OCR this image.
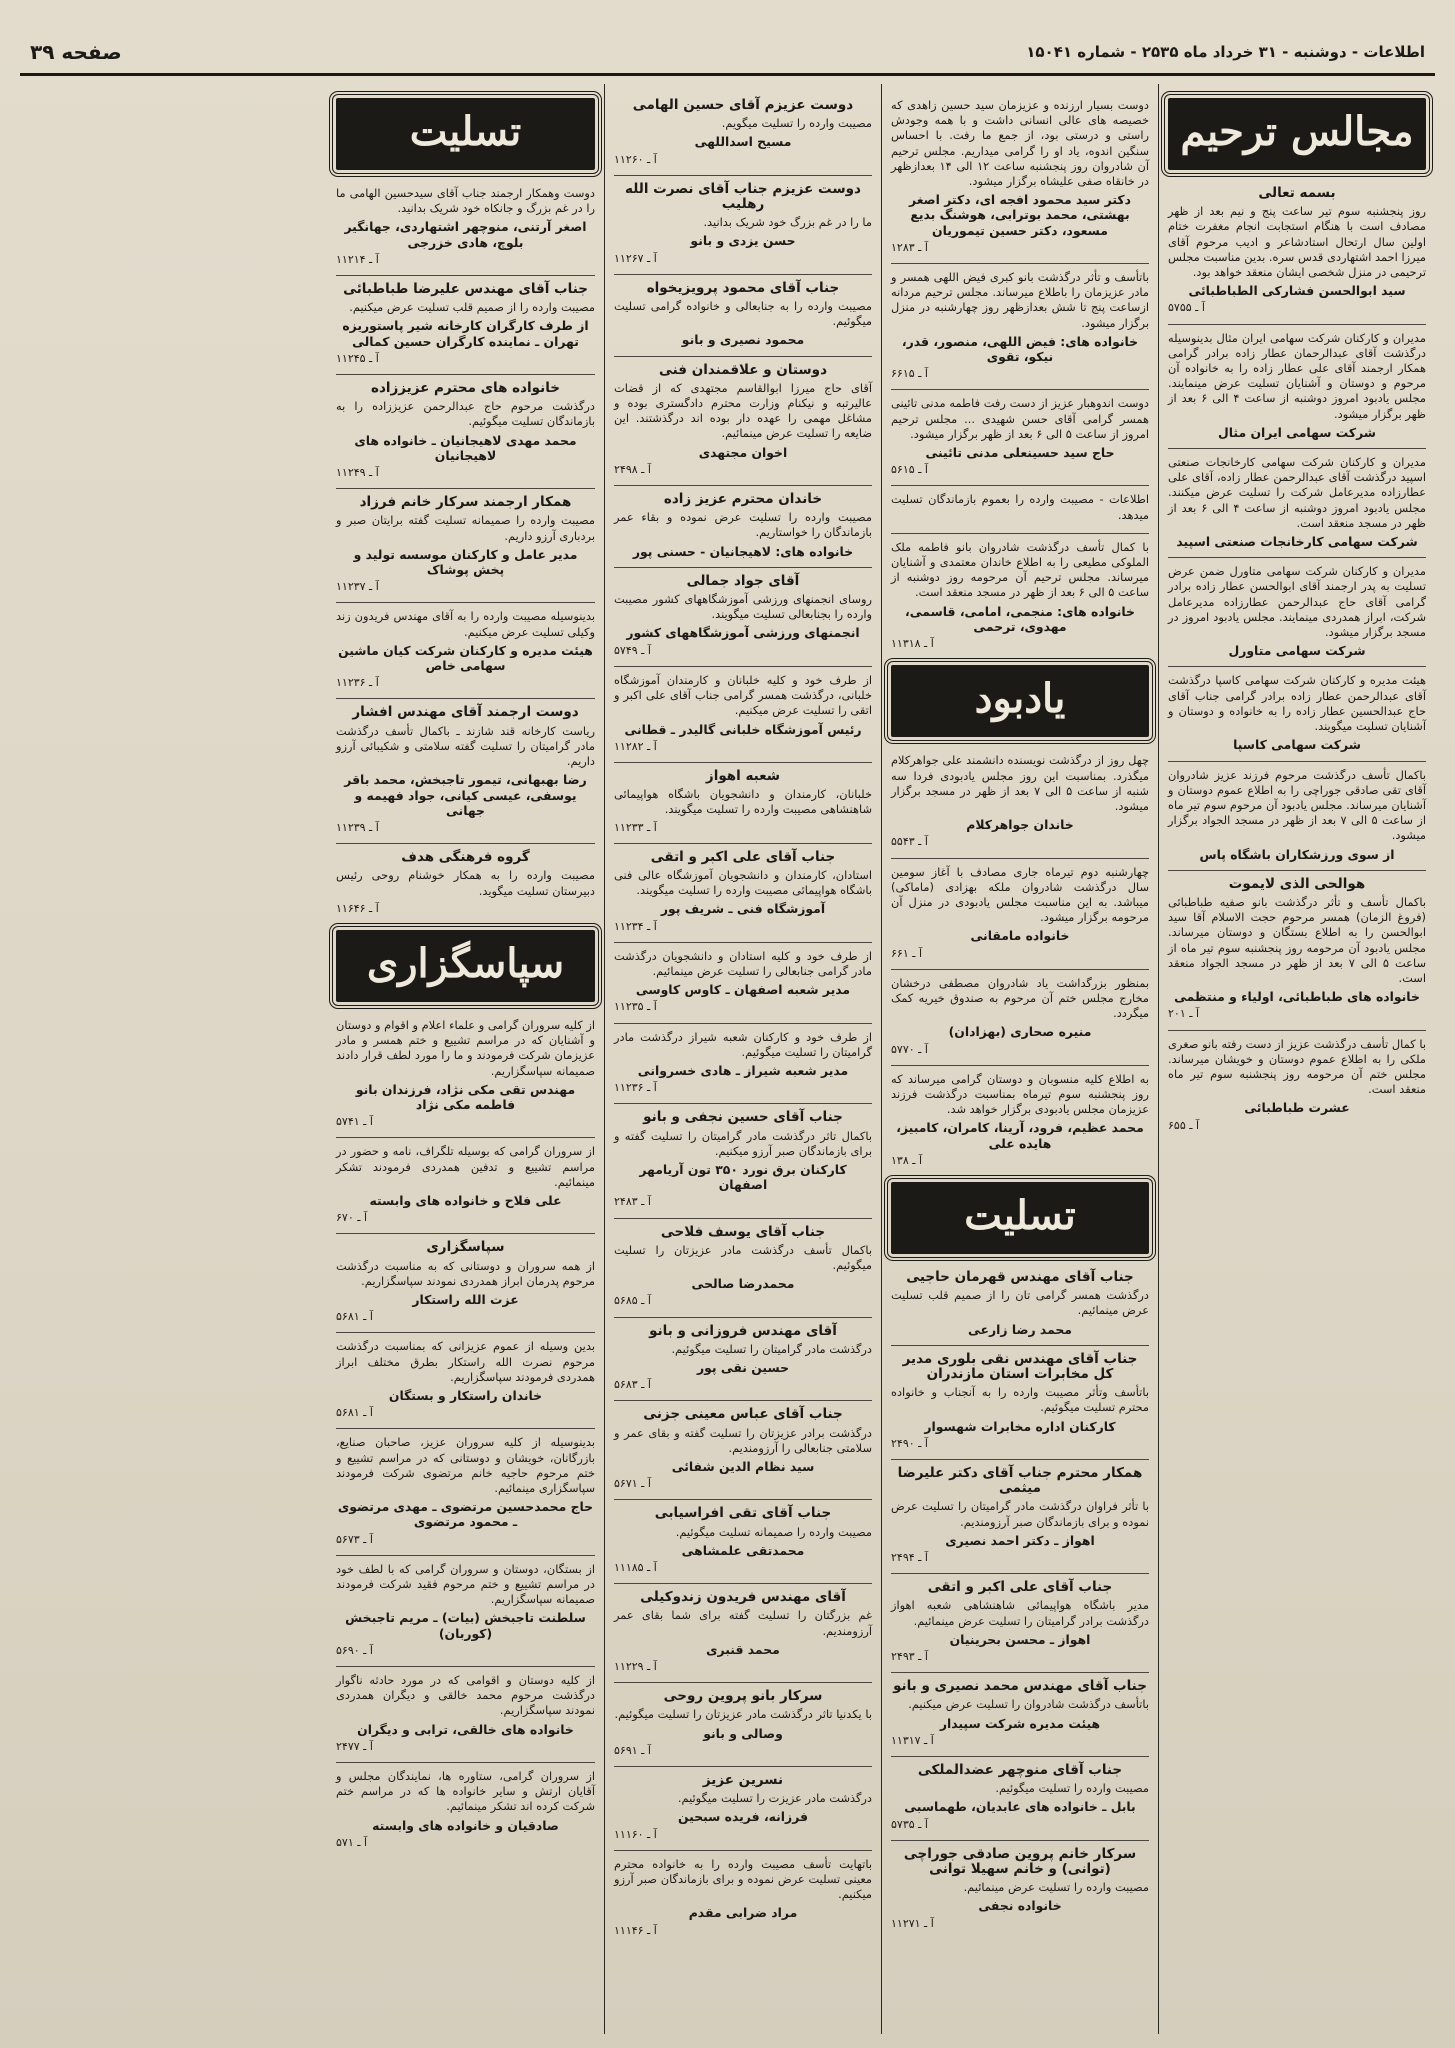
اطلاعات - دوشنبه - ۳۱ خرداد ماه ۲۵۳۵ - شماره ۱۵۰۴۱
صفحه ۳۹
مجالس ترحیم
بسمه تعالی

روز پنجشنبه سوم تیر ساعت پنج و نیم بعد از ظهر مصادف است با هنگام استجابت انجام مغفرت ختام اولین سال ارتحال استادشاعر و ادیب مرحوم آقای میرزا احمد اشتهاردی قدس سره. بدین مناسبت مجلس ترحیمی در منزل شخصی ایشان منعقد خواهد بود.

سید ابوالحسن فشارکی الطباطبائی
آ ـ ۵۷۵۵

مدیران و کارکنان شرکت سهامی ایران مثال بدینوسیله درگذشت آقای عبدالرحمان عطار زاده برادر گرامی همکار ارجمند آقای علی عطار زاده را به خانواده آن مرحوم و دوستان و آشنایان تسلیت عرض مینمایند. مجلس یادبود امروز دوشنبه از ساعت ۴ الی ۶ بعد از ظهر برگزار میشود.

شرکت سهامی ایران مثال

مدیران و کارکنان شرکت سهامی کارخانجات صنعتی اسپید درگذشت آقای عبدالرحمن عطار زاده، آقای علی عطارزاده مدیرعامل شرکت را تسلیت عرض میکنند. مجلس یادبود امروز دوشنبه از ساعت ۴ الی ۶ بعد از ظهر در مسجد منعقد است.

شرکت سهامی کارخانجات صنعتی اسپید

مدیران و کارکنان شرکت سهامی متاورل ضمن عرض تسلیت به پدر ارجمند آقای ابوالحسن عطار زاده برادر گرامی آقای حاج عبدالرحمن عطارزاده مدیرعامل شرکت، ابراز همدردی مینمایند. مجلس یادبود امروز در مسجد برگزار میشود.

شرکت سهامی متاورل

هیئت مدیره و کارکنان شرکت سهامی کاسپا درگذشت آقای عبدالرحمن عطار زاده برادر گرامی جناب آقای حاج عبدالحسین عطار زاده را به خانواده و دوستان و آشنایان تسلیت میگویند.

شرکت سهامی کاسپا

باکمال تأسف درگذشت مرحوم فرزند عزیز شادروان آقای تقی صادقی جوراچی را به اطلاع عموم دوستان و آشنایان میرساند. مجلس یادبود آن مرحوم سوم تیر ماه از ساعت ۵ الی ۷ بعد از ظهر در مسجد الجواد برگزار میشود.

از سوی ورزشکاران باشگاه پاس
هوالحی الذی لایموت

باکمال تأسف و تأثر درگذشت بانو صفیه طباطبائی (فروغ الزمان) همسر مرحوم حجت الاسلام آقا سید ابوالحسن را به اطلاع بستگان و دوستان میرساند. مجلس یادبود آن مرحومه روز پنجشنبه سوم تیر ماه از ساعت ۵ الی ۷ بعد از ظهر در مسجد الجواد منعقد است.

خانواده های طباطبائی، اولیاء و منتظمی
آ ـ ۲۰۱

با کمال تأسف درگذشت عزیز از دست رفته بانو صغری ملکی را به اطلاع عموم دوستان و خویشان میرساند. مجلس ختم آن مرحومه روز پنجشنبه سوم تیر ماه منعقد است.

عشرت طباطبائی
آ ـ ۶۵۵

دوست بسیار ارزنده و عزیزمان سید حسین زاهدی که خصیصه های عالی انسانی داشت و با همه وجودش راستی و درستی بود، از جمع ما رفت. با احساس سنگین اندوه، یاد او را گرامی میداریم. مجلس ترحیم آن شادروان روز پنجشنبه ساعت ۱۲ الی ۱۴ بعدازظهر در خانقاه صفی علیشاه برگزار میشود.

دکتر سید محمود افجه ای، دکتر اصغر بهشتی، محمد بوترابی، هوشنگ بدیع مسعود، دکتر حسین تیموریان
آ ـ ۱۲۸۳

باتأسف و تأثر درگذشت بانو کبری فیض اللهی همسر و مادر عزیزمان را باطلاع میرساند. مجلس ترحیم مردانه ازساعت پنج تا شش بعدازظهر روز چهارشنبه در منزل برگزار میشود.

خانواده های: فیض اللهی، منصور، قدر، نیکو، تقوی
آ ـ ۶۶۱۵

دوست اندوهبار عزیز از دست رفت فاطمه مدنی تائینی همسر گرامی آقای حسن شهیدی ... مجلس ترحیم امروز از ساعت ۵ الی ۶ بعد از ظهر برگزار میشود.

حاج سید حسینعلی مدنی تائینی
آ ـ ۵۶۱۵

اطلاعات - مصیبت وارده را بعموم بازماندگان تسلیت میدهد.

با کمال تأسف درگذشت شادروان بانو فاطمه ملک الملوکی مطیعی را به اطلاع خاندان معتمدی و آشنایان میرساند. مجلس ترحیم آن مرحومه روز دوشنبه از ساعت ۵ الی ۶ بعد از ظهر در مسجد منعقد است.

خانواده های: منجمی، امامی، قاسمی، مهدوی، ترحمی
آ ـ ۱۱۳۱۸
یادبود

چهل روز از درگذشت نویسنده دانشمند علی جواهرکلام میگذرد. بمناسبت این روز مجلس یادبودی فردا سه شنبه از ساعت ۵ الی ۷ بعد از ظهر در مسجد برگزار میشود.

خاندان جواهرکلام
آ ـ ۵۵۴۳

چهارشنبه دوم تیرماه جاری مصادف با آغاز سومین سال درگذشت شادروان ملکه بهزادی (ماماکی) میباشد. به این مناسبت مجلس یادبودی در منزل آن مرحومه برگزار میشود.

خانواده مامقانی
آ ـ ۶۶۱

بمنظور بزرگداشت یاد شادروان مصطفی درخشان مخارج مجلس ختم آن مرحوم به صندوق خیریه کمک میگردد.

منیره صحاری (بهزادان)
آ ـ ۵۷۷۰

به اطلاع کلیه منسوبان و دوستان گرامی میرساند که روز پنجشنبه سوم تیرماه بمناسبت درگذشت فرزند عزیزمان مجلس یادبودی برگزار خواهد شد.

محمد عظیم، فرود، آرینا، کامران، کامبیز، هایده علی
آ ـ ۱۳۸
تسلیت
جناب آقای مهندس قهرمان حاجیی

درگذشت همسر گرامی تان را از صمیم قلب تسلیت عرض مینمائیم.

محمد رضا زارعی
جناب آقای مهندس نقی بلوری مدیر کل مخابرات استان مازندران

باتأسف وتأثر مصیبت وارده را به آنجناب و خانواده محترم تسلیت میگوئیم.

کارکنان اداره مخابرات شهسوار
آ ـ ۲۴۹۰
همکار محترم جناب آقای دکتر علیرضا میثمی

با تأثر فراوان درگذشت مادر گرامیتان را تسلیت عرض نموده و برای بازماندگان صبر آرزومندیم.

اهواز ـ دکتر احمد نصیری
آ ـ ۲۴۹۴
جناب آقای علی اکبر و اتقی

مدیر باشگاه هواپیمائی شاهنشاهی شعبه اهواز درگذشت برادر گرامیتان را تسلیت عرض مینمائیم.

اهواز ـ محسن بحرینیان
آ ـ ۲۴۹۳
جناب آقای مهندس محمد نصیری و بانو

باتأسف درگذشت شادروان را تسلیت عرض میکنیم.

هیئت مدیره شرکت سپیدار
آ ـ ۱۱۳۱۷
جناب آقای منوچهر عضدالملکی

مصیبت وارده را تسلیت میگوئیم.

بابل ـ خانواده های عابدیان، طهماسبی
آ ـ ۵۷۳۵
سرکار خانم پروین صادقی جوراچی (توانی) و خانم سهیلا توانی

مصیبت وارده را تسلیت عرض مینمائیم.

خانواده نجفی
آ ـ ۱۱۲۷۱
دوست عزیزم آقای حسین الهامی

مصیبت وارده را تسلیت میگویم.

مسیح اسداللهی
آ ـ ۱۱۲۶۰
دوست عزیزم جناب آقای نصرت الله رهلیب

ما را در غم بزرگ خود شریک بدانید.

حسن یزدی و بانو
آ ـ ۱۱۲۶۷
جناب آقای محمود پرویزیخواه

مصیبت وارده را به جنابعالی و خانواده گرامی تسلیت میگوئیم.

محمود نصیری و بانو
دوستان و علاقمندان فنی

آقای حاج میرزا ابوالقاسم مجتهدی که از قضات عالیرتبه و نیکنام وزارت محترم دادگستری بوده و مشاغل مهمی را عهده دار بوده اند درگذشتند. این ضایعه را تسلیت عرض مینمائیم.

اخوان مجتهدی
آ ـ ۲۴۹۸
خاندان محترم عزیز زاده

مصیبت وارده را تسلیت عرض نموده و بقاء عمر بازماندگان را خواستاریم.

خانواده های: لاهیجانیان - حسنی پور
آقای جواد جمالی

روسای انجمنهای ورزشی آموزشگاههای کشور مصیبت وارده را بجنابعالی تسلیت میگویند.

انجمنهای ورزشی آموزشگاههای کشور
آ ـ ۵۷۴۹

از طرف خود و کلیه خلبانان و کارمندان آموزشگاه خلبانی، درگذشت همسر گرامی جناب آقای علی اکبر و اتقی را تسلیت عرض میکنیم.

رئیس آموزشگاه خلبانی گالیدر ـ قطانی
آ ـ ۱۱۲۸۲
شعبه اهواز

خلبانان، کارمندان و دانشجویان باشگاه هواپیمائی شاهنشاهی مصیبت وارده را تسلیت میگویند.

آ ـ ۱۱۲۳۳
جناب آقای علی اکبر و اتقی

استادان، کارمندان و دانشجویان آموزشگاه عالی فنی باشگاه هواپیمائی مصیبت وارده را تسلیت میگویند.

آموزشگاه فنی ـ شریف پور
آ ـ ۱۱۲۳۴

از طرف خود و کلیه استادان و دانشجویان درگذشت مادر گرامی جنابعالی را تسلیت عرض مینمائیم.

مدیر شعبه اصفهان ـ کاوس کاوسی
آ ـ ۱۱۲۳۵

از طرف خود و کارکنان شعبه شیراز درگذشت مادر گرامیتان را تسلیت میگوئیم.

مدیر شعبه شیراز ـ هادی خسروانی
آ ـ ۱۱۲۳۶
جناب آقای حسین نجفی و بانو

باکمال تاثر درگذشت مادر گرامیتان را تسلیت گفته و برای بازماندگان صبر آرزو میکنیم.

کارکنان برق نورد ۳۵۰ تون آریامهر اصفهان
آ ـ ۲۴۸۳
جناب آقای یوسف فلاحی

باکمال تأسف درگذشت مادر عزیزتان را تسلیت میگوئیم.

محمدرضا صالحی
آ ـ ۵۶۸۵
آقای مهندس فروزانی و بانو

درگذشت مادر گرامیتان را تسلیت میگوئیم.

حسین نقی پور
آ ـ ۵۶۸۳
جناب آقای عباس معینی جزنی

درگذشت برادر عزیزتان را تسلیت گفته و بقای عمر و سلامتی جنابعالی را آرزومندیم.

سید نظام الدین شفائی
آ ـ ۵۶۷۱
جناب آقای تقی افراسیابی

مصیبت وارده را صمیمانه تسلیت میگوئیم.

محمدتقی علمشاهی
آ ـ ۱۱۱۸۵
آقای مهندس فریدون زندوکیلی

غم بزرگتان را تسلیت گفته برای شما بقای عمر آرزومندیم.

محمد قنبری
آ ـ ۱۱۲۲۹
سرکار بانو پروین روحی

با یکدنیا تاثر درگذشت مادر عزیزتان را تسلیت میگوئیم.

وصالی و بانو
آ ـ ۵۶۹۱
نسرین عزیز

درگذشت مادر عزیزت را تسلیت میگوئیم.

فرزانه، فریده سبحین
آ ـ ۱۱۱۶۰

باتهایت تأسف مصیبت وارده را به خانواده محترم معینی تسلیت عرض نموده و برای بازماندگان صبر آرزو میکنیم.

مراد ضرابی مقدم
آ ـ ۱۱۱۴۶
تسلیت

دوست وهمکار ارجمند جناب آقای سیدحسین الهامی ما را در غم بزرگ و جانکاه خود شریک بدانید.

اصغر آرتنی، منوچهر اشتهاردی، جهانگیر بلوچ، هادی خزرجی
آ ـ ۱۱۲۱۴
جناب آقای مهندس علیرضا طباطبائی

مصیبت وارده را از صمیم قلب تسلیت عرض میکنیم.

از طرف کارگران کارخانه شیر پاستوریزه تهران ـ نماینده کارگران حسین کمالی
آ ـ ۱۱۲۴۵
خانواده های محترم عزیززاده

درگذشت مرحوم حاج عبدالرحمن عزیززاده را به بازماندگان تسلیت میگوئیم.

محمد مهدی لاهیجانیان ـ خانواده های لاهیجانیان
آ ـ ۱۱۲۴۹
همکار ارجمند سرکار خانم فرزاد

مصیبت وارده را صمیمانه تسلیت گفته برایتان صبر و بردباری آرزو داریم.

مدیر عامل و کارکنان موسسه تولید و پخش پوشاک
آ ـ ۱۱۲۳۷

بدینوسیله مصیبت وارده را به آقای مهندس فریدون زند وکیلی تسلیت عرض میکنیم.

هیئت مدیره و کارکنان شرکت کیان ماشین سهامی خاص
آ ـ ۱۱۲۳۶
دوست ارجمند آقای مهندس افشار

ریاست کارخانه قند شازند ـ باکمال تأسف درگذشت مادر گرامیتان را تسلیت گفته سلامتی و شکیبائی آرزو داریم.

رضا بهبهانی، تیمور تاجبخش، محمد باقر یوسفی، عیسی کیانی، جواد فهیمه و جهانی
آ ـ ۱۱۲۳۹
گروه فرهنگی هدف

مصیبت وارده را به همکار خوشنام روحی رئیس دبیرستان تسلیت میگوید.

آ ـ ۱۱۶۴۶
سپاسگزاری

از کلیه سروران گرامی و علماء اعلام و اقوام و دوستان و آشنایان که در مراسم تشییع و ختم همسر و مادر عزیزمان شرکت فرمودند و ما را مورد لطف قرار دادند صمیمانه سپاسگزاریم.

مهندس تقی مکی نژاد، فرزندان بانو فاطمه مکی نژاد
آ ـ ۵۷۴۱

از سروران گرامی که بوسیله تلگراف، نامه و حضور در مراسم تشییع و تدفین همدردی فرمودند تشکر مینمائیم.

علی فلاح و خانواده های وابسته
آ ـ ۶۷۰
سپاسگزاری

از همه سروران و دوستانی که به مناسبت درگذشت مرحوم پدرمان ابراز همدردی نمودند سپاسگزاریم.

عزت الله راستکار
آ ـ ۵۶۸۱

بدین وسیله از عموم عزیزانی که بمناسبت درگذشت مرحوم نصرت الله راستکار بطرق مختلف ابراز همدردی فرمودند سپاسگزاریم.

خاندان راستکار و بستگان
آ ـ ۵۶۸۱

بدینوسیله از کلیه سروران عزیز، صاحبان صنایع، بازرگانان، خویشان و دوستانی که در مراسم تشییع و ختم مرحوم حاجیه خانم مرتضوی شرکت فرمودند سپاسگزاری مینمائیم.

حاج محمدحسین مرتضوی ـ مهدی مرتضوی ـ محمود مرتضوی
آ ـ ۵۶۷۳

از بستگان، دوستان و سروران گرامی که با لطف خود در مراسم تشییع و ختم مرحوم فقید شرکت فرمودند صمیمانه سپاسگزاریم.

سلطنت تاجبخش (بیات) ـ مریم تاجبخش (کوربان)
آ ـ ۵۶۹۰

از کلیه دوستان و اقوامی که در مورد حادثه ناگوار درگذشت مرحوم محمد خالقی و دیگران همدردی نمودند سپاسگزاریم.

خانواده های خالقی، ترابی و دیگران
آ ـ ۲۴۷۷

از سروران گرامی، ستاوره ها، نمایندگان مجلس و آقایان ارتش و سایر خانواده ها که در مراسم ختم شرکت کرده اند تشکر مینمائیم.

صادقیان و خانواده های وابسته
آ ـ ۵۷۱
